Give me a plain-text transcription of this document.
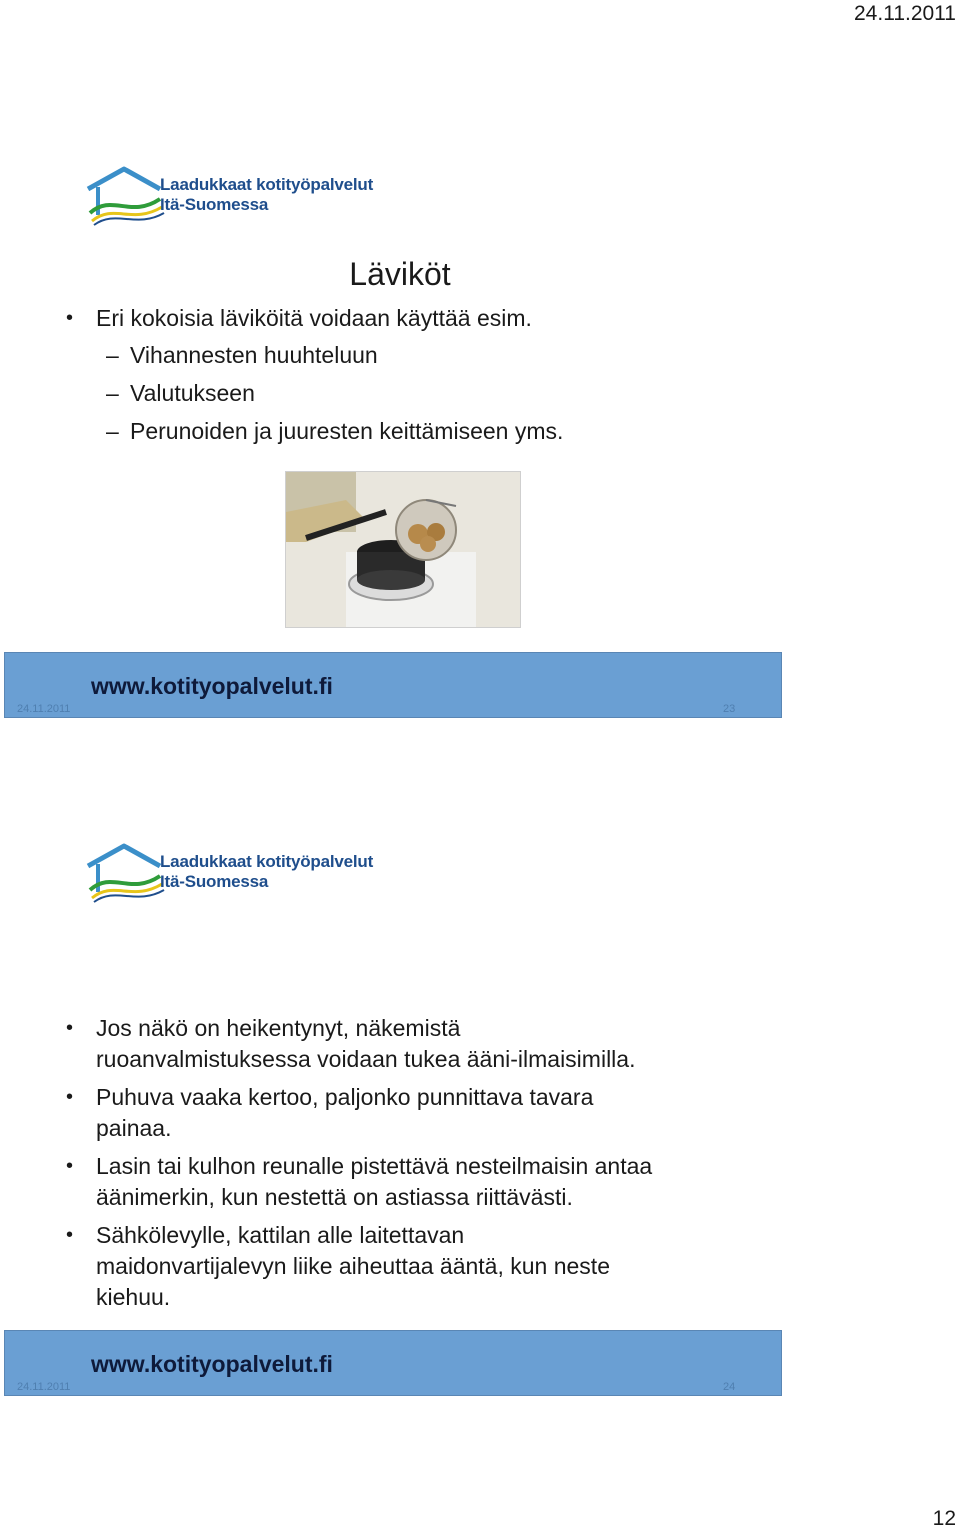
24.11.2011
Laadukkaat kotityöpalvelut
Itä-Suomessa
Läviköt
• Eri kokoisia läviköitä voidaan käyttää esim.
– Vihannesten huuhteluun
– Valutukseen
– Perunoiden ja juuresten keittämiseen yms.
www.kotityopalvelut.fi
24.11.2011	23
Laadukkaat kotityöpalvelut
Itä-Suomessa
• Jos näkö on heikentynyt, näkemistä
ruoanvalmistuksessa voidaan tukea ääni-ilmaisimilla.
• Puhuva vaaka kertoo, paljonko punnittava tavara
painaa.
• Lasin tai kulhon reunalle pistettävä nesteilmaisin antaa
äänimerkin, kun nestettä on astiassa riittävästi.
• Sähkölevylle, kattilan alle laitettavan
maidonvartijalevyn liike aiheuttaa ääntä, kun neste
kiehuu.
www.kotityopalvelut.fi
24.11.2011	24
12
